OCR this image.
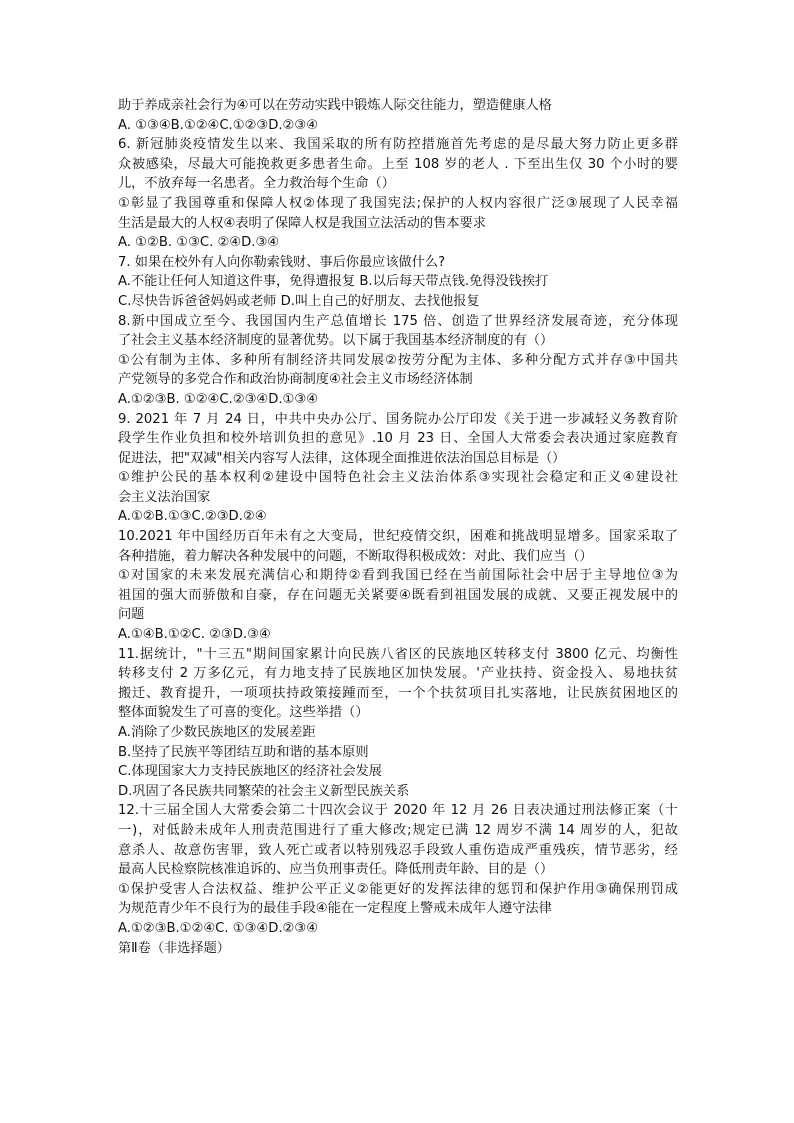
助于养成亲社会行为④可以在劳动实践中锻炼人际交往能力，塑造健康人格
A. ①③④B.①②④C.①②③D.②③④
6. 新冠肺炎疫情发生以来、我国采取的所有防控措施首先考虑的是尽最大努力防止更多群
众被感染，尽最大可能挽救更多患者生命。上至 108 岁的老人 . 下至出生仅 30 个小时的婴
儿，不放弃每一名患者。全力救治每个生命（）
①彰显了我国尊重和保障人权②体现了我国宪法;保护的人权内容很广泛③展现了人民幸福
生活是最大的人权④表明了保障人权是我国立法活动的售本要求
A. ①②B. ①③C. ②④D.③④
7. 如果在校外有人向你勒索钱财、事后你最应该做什么?
A.不能让任何人知道这件事，免得遭报复 B.以后每天带点钱.免得没钱挨打
C.尽快告诉爸爸妈妈或老师 D.叫上自己的好朋友、去找他报复
8.新中国成立至今、我国国内生产总值增长 175 倍、创造了世界经济发展奇迹，充分体现
了社会主义基本经济制度的显著优势。以下属于我国基本经济制度的有（）
①公有制为主体、多种所有制经济共同发展②按劳分配为主体、多种分配方式并存③中国共
产党领导的多党合作和政治协商制度④社会主义市场经济体制
A.①②③B. ①②④C.②③④D.①③④
9. 2021 年 7 月 24 日，中共中央办公厅、国务院办公厅印发《关于进一步减轻义务教育阶
段学生作业负担和校外培训负担的意见》.10 月 23 日、全国人大常委会表决通过家庭教育
促进法，把"双减"相关内容写人法律，这体现全面推进依法治国总目标是（）
①维护公民的基本权利②建设中国特色社会主义法治体系③实现社会稳定和正义④建设社
会主义法治国家
A.①②B.①③C.②③D.②④
10.2021 年中国经历百年未有之大变局，世纪疫情交织，困难和挑战明显增多。国家采取了
各种措施，着力解决各种发展中的问题，不断取得积极成效：对此、我们应当（）
①对国家的未来发展充满信心和期待②看到我国已经在当前国际社会中居于主导地位③为
祖国的强大而骄傲和自豪，存在问题无关紧要④既看到祖国发展的成就、又要正视发展中的
问题
A.①④B.①②C. ②③D.③④
11.据统计，"十三五"期间国家累计向民族八省区的民族地区转移支付 3800 亿元、均衡性
转移支付 2 万多亿元，有力地支持了民族地区加快发展。'产业扶持、资金投入、易地扶贫
搬迁、教育提升，一项项扶持政策接踵而至，一个个扶贫项目扎实落地，让民族贫困地区的
整体面貌发生了可喜的变化。这些举措（）
A.消除了少数民族地区的发展差距
B.坚持了民族平等团结互助和谐的基本原则
C.体现国家大力支持民族地区的经济社会发展
D.巩固了各民族共同繁荣的社会主义新型民族关系
12.十三届全国人大常委会第二十四次会议于 2020 年 12 月 26 日表决通过刑法修正案（十
一)，对低龄未成年人刑责范围进行了重大修改;规定已满 12 周岁不满 14 周岁的人，犯故
意杀人、故意伤害罪，致人死亡或者以特别残忍手段致人重伤造成严重残疾，情节恶劣，经
最高人民检察院核准追诉的、应当负刑事责任。降低刑责年龄、目的是（）
①保护受害人合法权益、维护公平正义②能更好的发挥法律的惩罚和保护作用③确保刑罚成
为规范青少年不良行为的最佳手段④能在一定程度上警戒未成年人遵守法律
A.①②③B.①②④C. ①③④D.②③④
第Ⅱ卷（非选择题）
